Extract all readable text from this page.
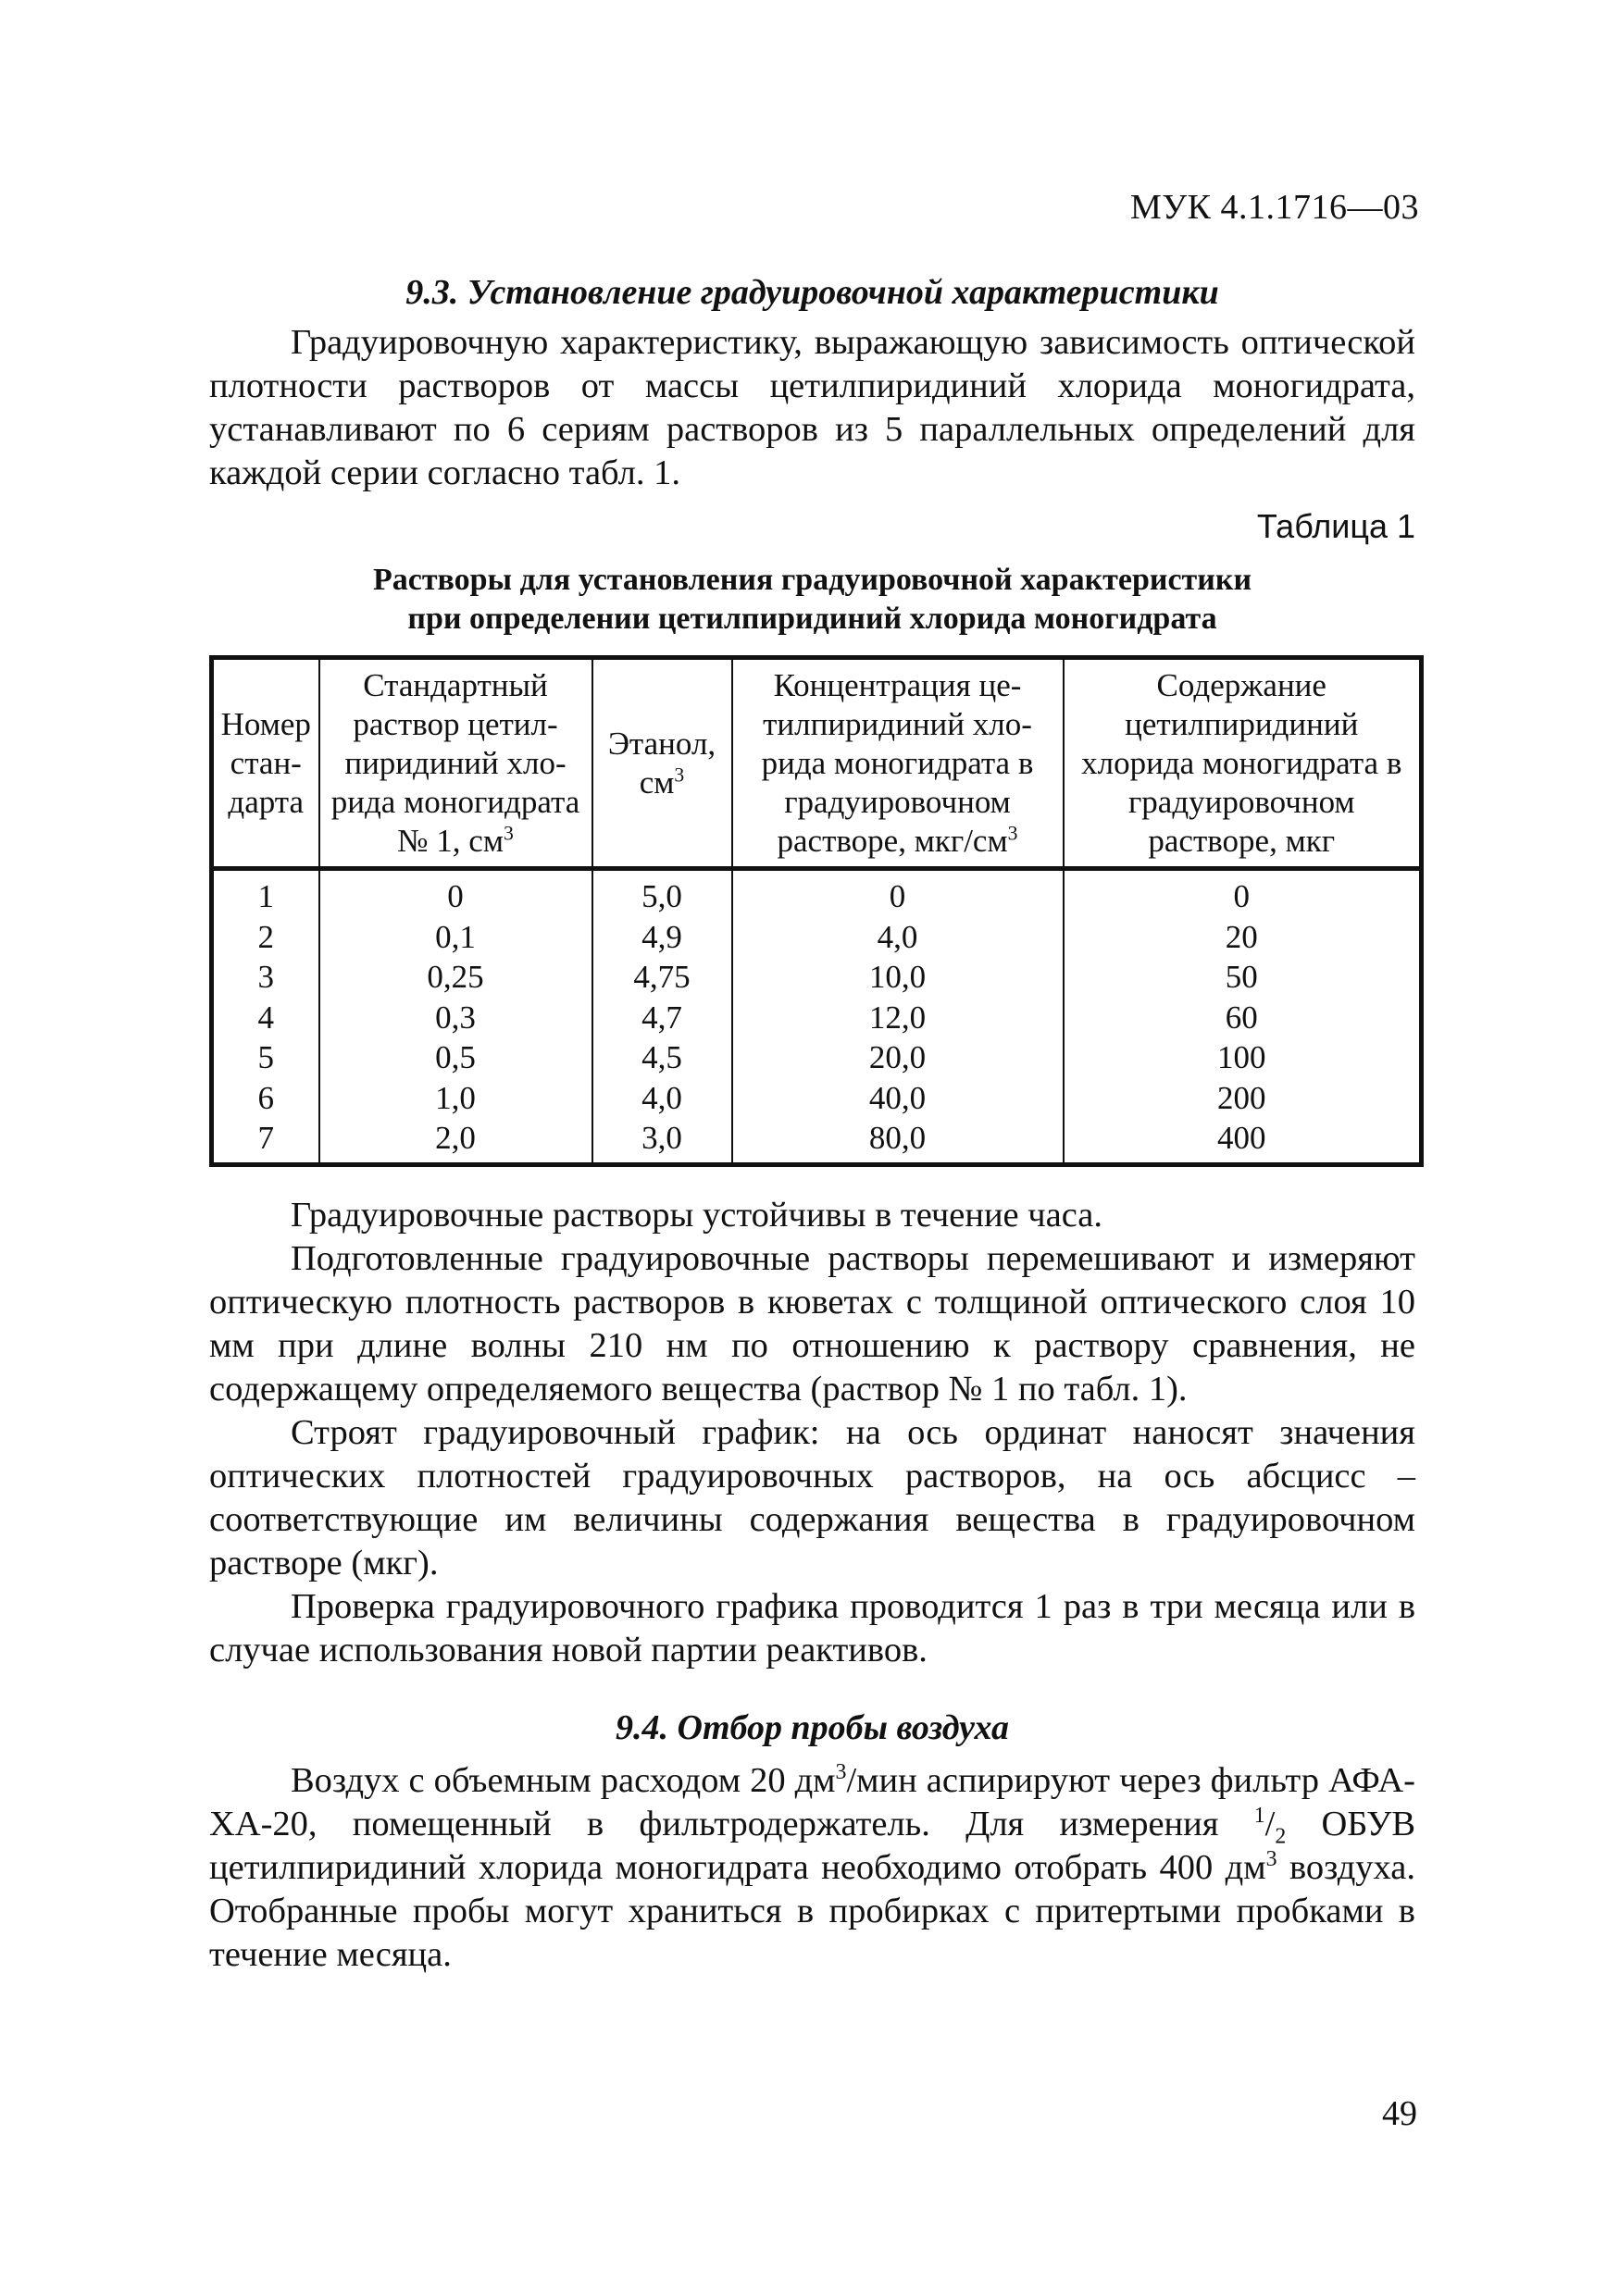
МУК 4.1.1716—03
9.3. Установление градуировочной характеристики

Градуировочную характеристику, выражающую зависимость оптической плотности растворов от массы цетилпиридиний хлорида моногидрата, устанавливают по 6 сериям растворов из 5 параллельных определений для каждой серии согласно табл. 1.

Таблица 1
Растворы для установления градуировочной характеристики
при определении цетилпиридиний хлорида моногидрата
Номер стан- дарта	Стандартный раствор цетил- пиридиний хло- рида моногидрата № 1, $см^3$	Этанол, $см^3$	Концентрация це- тилпиридиний хло- рида моногидрата в градуировочном растворе, мкг/$см^3$	Содержание цетилпиридиний хлорида моногидрата в градуировочном растворе, мкг
1	0	5,0	0	0
2	0,1	4,9	4,0	20
3	0,25	4,75	10,0	50
4	0,3	4,7	12,0	60
5	0,5	4,5	20,0	100
6	1,0	4,0	40,0	200
7	2,0	3,0	80,0	400

Градуировочные растворы устойчивы в течение часа.

Подготовленные градуировочные растворы перемешивают и измеряют оптическую плотность растворов в кюветах с толщиной оптического слоя 10 мм при длине волны 210 нм по отношению к раствору сравнения, не содержащему определяемого вещества (раствор № 1 по табл. 1).

Строят градуировочный график: на ось ординат наносят значения оптических плотностей градуировочных растворов, на ось абсцисс – соответствующие им величины содержания вещества в градуировочном растворе (мкг).

Проверка градуировочного графика проводится 1 раз в три месяца или в случае использования новой партии реактивов.

9.4. Отбор пробы воздуха

Воздух с объемным расходом 20 $дм^3$/мин аспирируют через фильтр АФА-ХА-20, помещенный в фильтродержатель. Для измерения $^1/_2$ ОБУВ цетилпиридиний хлорида моногидрата необходимо отобрать 400 $дм^3$ воздуха. Отобранные пробы могут храниться в пробирках с притертыми пробками в течение месяца.

49
